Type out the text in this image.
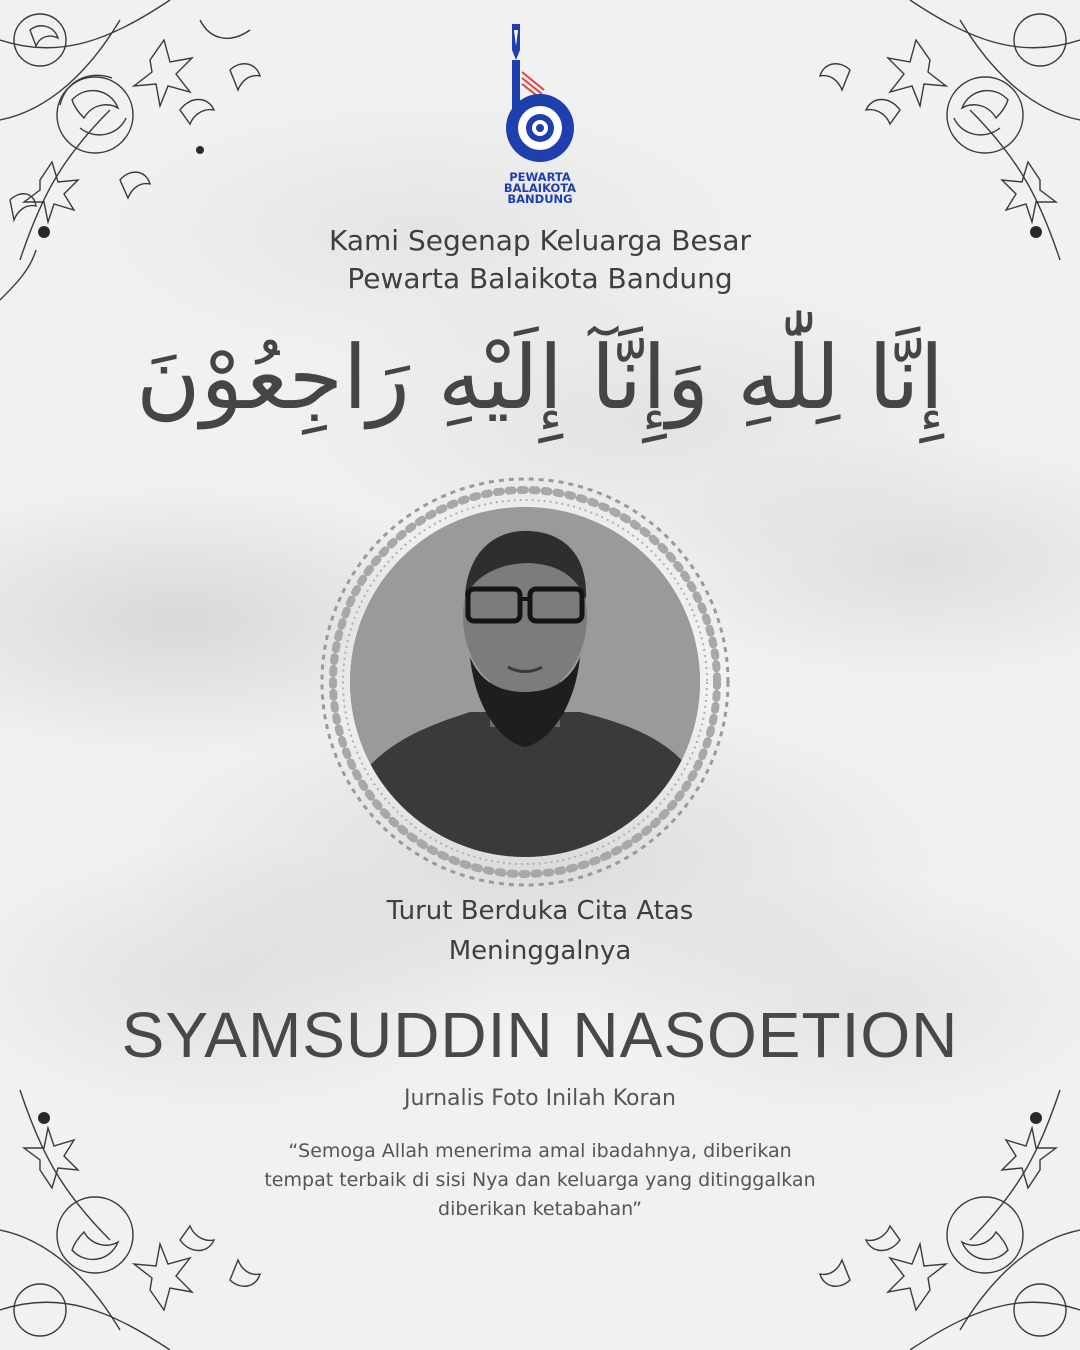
PEWARTA
BALAIKOTA
BANDUNG
Kami Segenap Keluarga Besar
Pewarta Balaikota Bandung
إِنَّا لِلّٰهِ وَإِنَّآ إِلَيْهِ رَاجِعُوْنَ
Turut Berduka Cita Atas
Meninggalnya
SYAMSUDDIN NASOETION
Jurnalis Foto Inilah Koran
“Semoga Allah menerima amal ibadahnya, diberikan
tempat terbaik di sisi Nya dan keluarga yang ditinggalkan
diberikan ketabahan”
